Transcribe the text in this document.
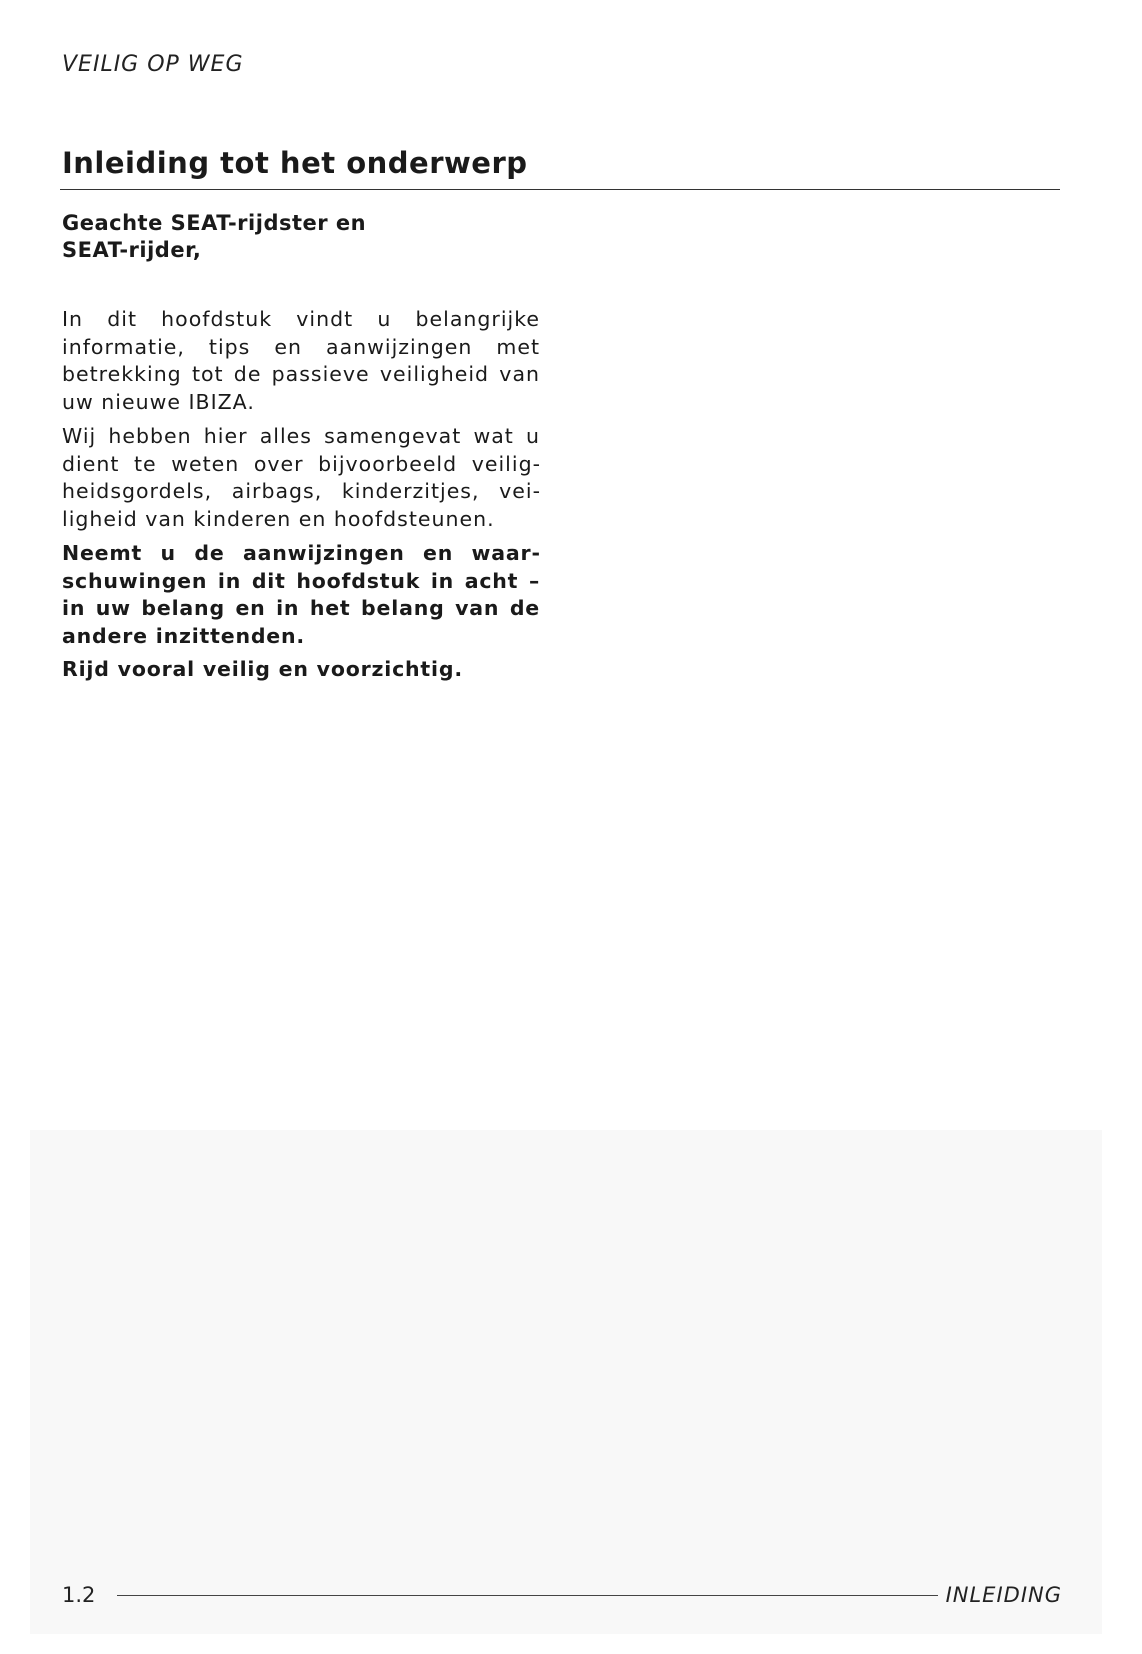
VEILIG OP WEG
Inleiding tot het onderwerp
Geachte SEAT-rijdster en
SEAT-rijder,

In dit hoofdstuk vindt u belangrijke informatie, tips en aanwijzingen met betrekking tot de passieve veiligheid van uw nieuwe IBIZA.

Wij hebben hier alles samengevat wat u dient te weten over bijvoorbeeld veiligheidsgordels, airbags, kinderzitjes, veiligheid van kinderen en hoofdsteunen.

Neemt u de aanwijzingen en waarschuwingen in dit hoofdstuk in acht – in uw belang en in het belang van de andere inzittenden.

Rijd vooral veilig en voorzichtig.

1.2	INLEIDING
